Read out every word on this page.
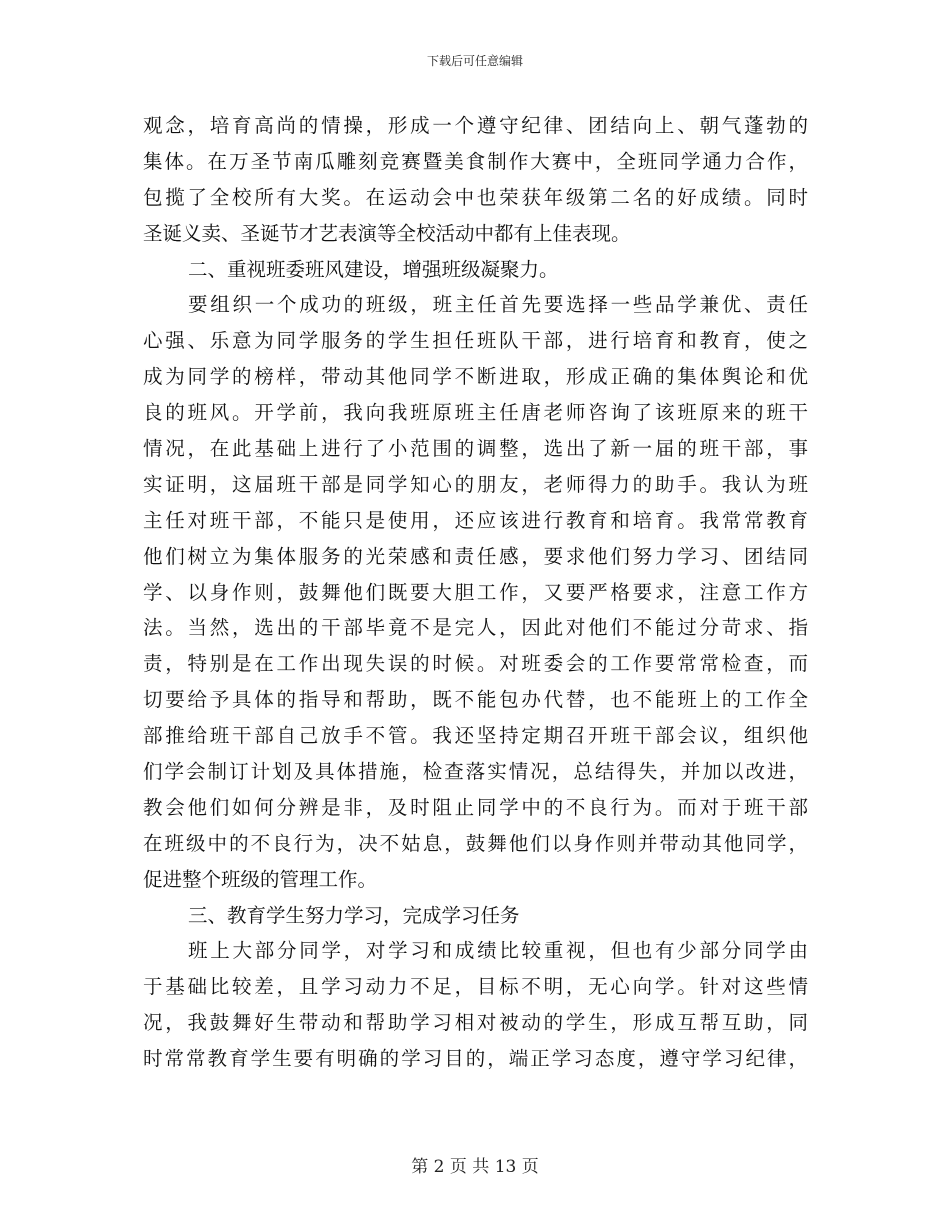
下载后可任意编辑
观念，培育高尚的情操，形成一个遵守纪律、团结向上、朝气蓬勃的
集体。在万圣节南瓜雕刻竞赛暨美食制作大赛中，全班同学通力合作，
包揽了全校所有大奖。在运动会中也荣获年级第二名的好成绩。同时
圣诞义卖、圣诞节才艺表演等全校活动中都有上佳表现。
二、重视班委班风建设，增强班级凝聚力。
要组织一个成功的班级，班主任首先要选择一些品学兼优、责任
心强、乐意为同学服务的学生担任班队干部，进行培育和教育，使之
成为同学的榜样，带动其他同学不断进取，形成正确的集体舆论和优
良的班风。开学前，我向我班原班主任唐老师咨询了该班原来的班干
情况，在此基础上进行了小范围的调整，选出了新一届的班干部，事
实证明，这届班干部是同学知心的朋友，老师得力的助手。我认为班
主任对班干部，不能只是使用，还应该进行教育和培育。我常常教育
他们树立为集体服务的光荣感和责任感，要求他们努力学习、团结同
学、以身作则，鼓舞他们既要大胆工作，又要严格要求，注意工作方
法。当然，选出的干部毕竟不是完人，因此对他们不能过分苛求、指
责，特别是在工作出现失误的时候。对班委会的工作要常常检查，而
切要给予具体的指导和帮助，既不能包办代替，也不能班上的工作全
部推给班干部自己放手不管。我还坚持定期召开班干部会议，组织他
们学会制订计划及具体措施，检查落实情况，总结得失，并加以改进，
教会他们如何分辨是非，及时阻止同学中的不良行为。而对于班干部
在班级中的不良行为，决不姑息，鼓舞他们以身作则并带动其他同学，
促进整个班级的管理工作。
三、教育学生努力学习，完成学习任务
班上大部分同学，对学习和成绩比较重视，但也有少部分同学由
于基础比较差，且学习动力不足，目标不明，无心向学。针对这些情
况，我鼓舞好生带动和帮助学习相对被动的学生，形成互帮互助，同
时常常教育学生要有明确的学习目的，端正学习态度，遵守学习纪律，
第 2 页 共 13 页
